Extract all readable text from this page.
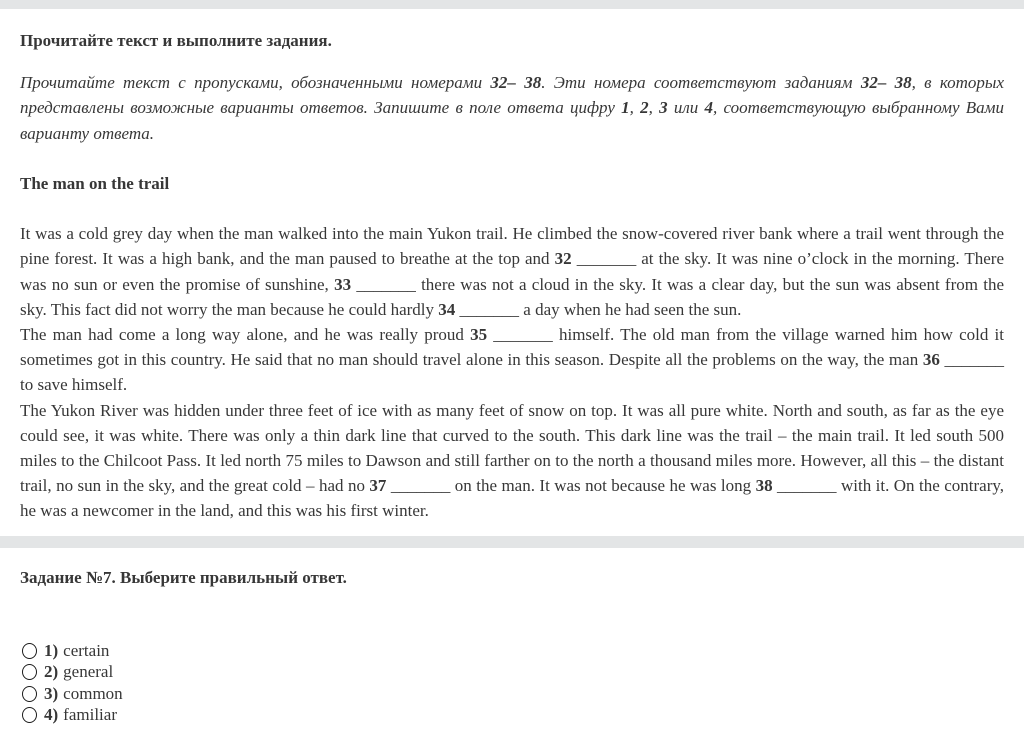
Прочитайте текст и выполните задания.

Прочитайте текст с пропусками, обозначенными номерами 32– 38. Эти номера соответствуют заданиям 32– 38, в которых представлены возможные варианты ответов. Запишите в поле ответа цифру 1, 2, 3 или 4, соответствующую выбранному Вами варианту ответа.

The man on the trail

It was a cold grey day when the man walked into the main Yukon trail. He climbed the snow-covered river bank where a trail went through the pine forest. It was a high bank, and the man paused to breathe at the top and 32 _______ at the sky. It was nine o’clock in the morning. There was no sun or even the promise of sunshine, 33 _______ there was not a cloud in the sky. It was a clear day, but the sun was absent from the sky. This fact did not worry the man because he could hardly 34 _______ a day when he had seen the sun.

The man had come a long way alone, and he was really proud 35 _______ himself. The old man from the village warned him how cold it sometimes got in this country. He said that no man should travel alone in this season. Despite all the problems on the way, the man 36 _______ to save himself.

The Yukon River was hidden under three feet of ice with as many feet of snow on top. It was all pure white. North and south, as far as the eye could see, it was white. There was only a thin dark line that curved to the south. This dark line was the trail – the main trail. It led south 500 miles to the Chilcoot Pass. It led north 75 miles to Dawson and still farther on to the north a thousand miles more. However, all this – the distant trail, no sun in the sky, and the great cold – had no 37 _______ on the man. It was not because he was long 38 _______ with it. On the contrary, he was a newcomer in the land, and this was his first winter.

Задание №7. Выберите правильный ответ.
1) certain
2) general
3) common
4) familiar
